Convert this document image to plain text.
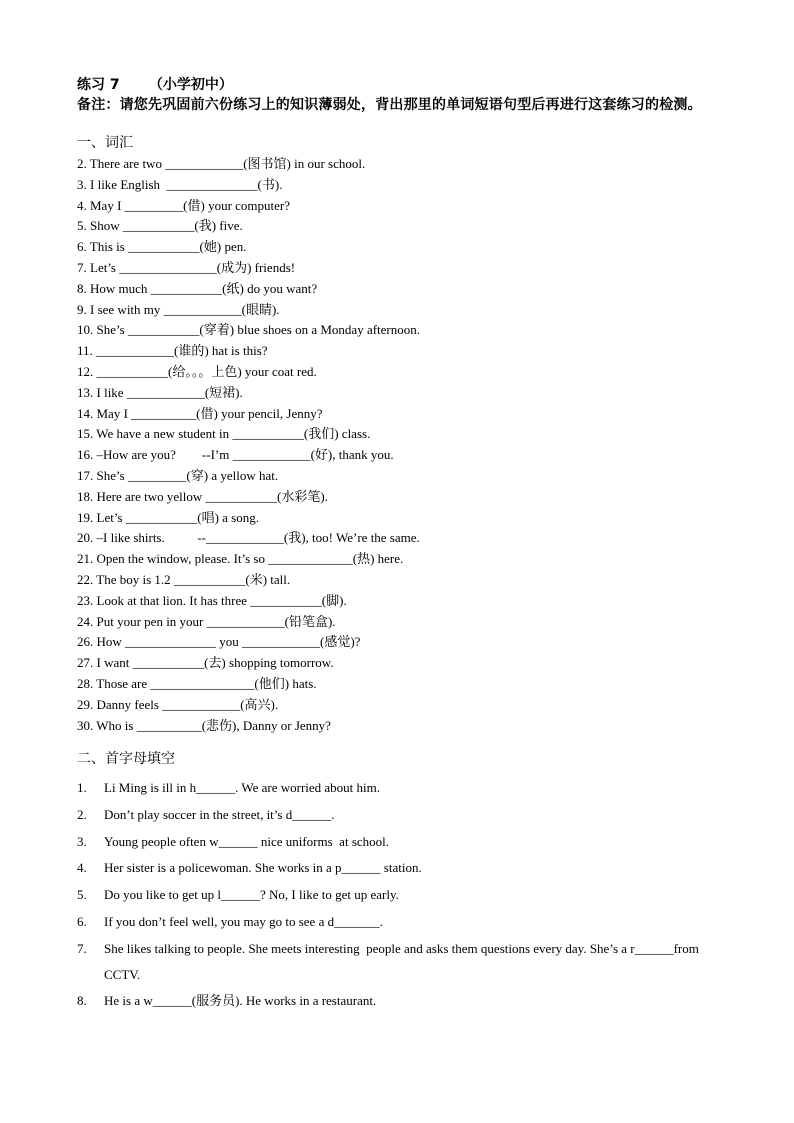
练习 7      （小学初中）

备注：请您先巩固前六份练习上的知识薄弱处，背出那里的单词短语句型后再进行这套练习的检测。

一、词汇

2. There are two ____________(图书馆) in our school.
3. I like English  ______________(书).
4. May I _________(借) your computer?
5. Show ___________(我) five.
6. This is ___________(她) pen.
7. Let’s _______________(成为) friends!
8. How much ___________(纸) do you want?
9. I see with my ____________(眼睛).
10. She’s ___________(穿着) blue shoes on a Monday afternoon.
11. ____________(谁的) hat is this?
12. ___________(给。。。上色) your coat red.
13. I like ____________(短裙).
14. May I __________(借) your pencil, Jenny?
15. We have a new student in ___________(我们) class.
16. –How are you?        --I’m ____________(好), thank you.
17. She’s _________(穿) a yellow hat.
18. Here are two yellow ___________(水彩笔).
19. Let’s ___________(唱) a song.
20. –I like shirts.          --____________(我), too! We’re the same.
21. Open the window, please. It’s so _____________(热) here.
22. The boy is 1.2 ___________(米) tall.
23. Look at that lion. It has three ___________(脚).
24. Put your pen in your ____________(铅笔盒).
26. How ______________ you ____________(感觉)?
27. I want ___________(去) shopping tomorrow.
28. Those are ________________(他们) hats.
29. Danny feels ____________(高兴).
30. Who is __________(悲伤), Danny or Jenny?

二、首字母填空

1. Li Ming is ill in h______. We are worried about him.
2. Don’t play soccer in the street, it’s d______.
3. Young people often w______ nice uniforms  at school.
4. Her sister is a policewoman. She works in a p______ station.
5. Do you like to get up l______? No, I like to get up early.
6. If you don’t feel well, you may go to see a d_______.
7. She likes talking to people. She meets interesting  people and asks them questions every day. She’s a r______from   CCTV.
8. He is a w______(服务员). He works in a restaurant.
